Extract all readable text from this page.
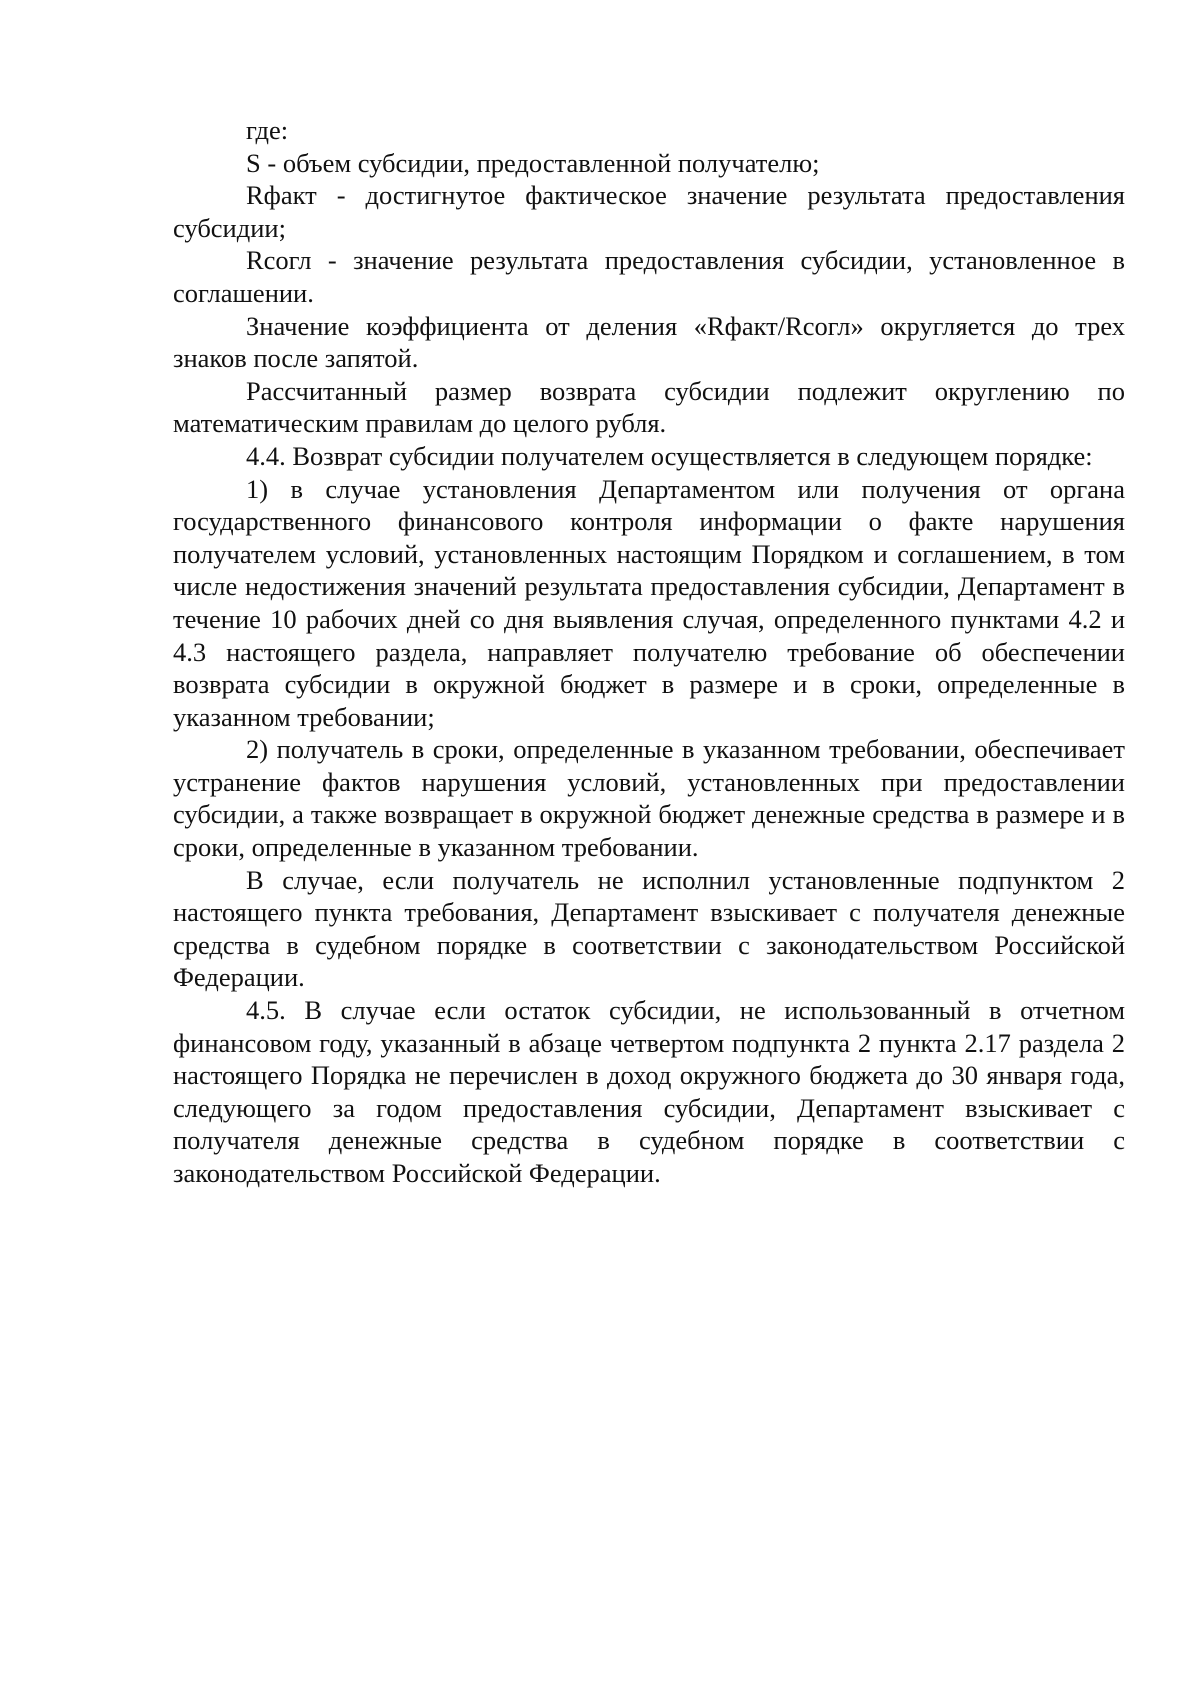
где:

S - объем субсидии, предоставленной получателю;

Rфакт - достигнутое фактическое значение результата предоставления субсидии;

Rсогл - значение результата предоставления субсидии, установленное в соглашении.

Значение коэффициента от деления «Rфакт/Rсогл» округляется до трех знаков после запятой.

Рассчитанный размер возврата субсидии подлежит округлению по математическим правилам до целого рубля.

4.4. Возврат субсидии получателем осуществляется в следующем порядке:

1) в случае установления Департаментом или получения от органа государственного финансового контроля информации о факте нарушения получателем условий, установленных настоящим Порядком и соглашением, в том числе недостижения значений результата предоставления субсидии, Департамент в течение 10 рабочих дней со дня выявления случая, определенного пунктами 4.2 и 4.3 настоящего раздела, направляет получателю требование об обеспечении возврата субсидии в окружной бюджет в размере и в сроки, определенные в указанном требовании;

2) получатель в сроки, определенные в указанном требовании, обеспечивает устранение фактов нарушения условий, установленных при предоставлении субсидии, а также возвращает в окружной бюджет денежные средства в размере и в сроки, определенные в указанном требовании.

В случае, если получатель не исполнил установленные подпунктом 2 настоящего пункта требования, Департамент взыскивает с получателя денежные средства в судебном порядке в соответствии с законодательством Российской Федерации.

4.5. В случае если остаток субсидии, не использованный в отчетном финансовом году, указанный в абзаце четвертом подпункта 2 пункта 2.17 раздела 2 настоящего Порядка не перечислен в доход окружного бюджета до 30 января года, следующего за годом предоставления субсидии, Департамент взыскивает с получателя денежные средства в судебном порядке в соответствии с законодательством Российской Федерации.
